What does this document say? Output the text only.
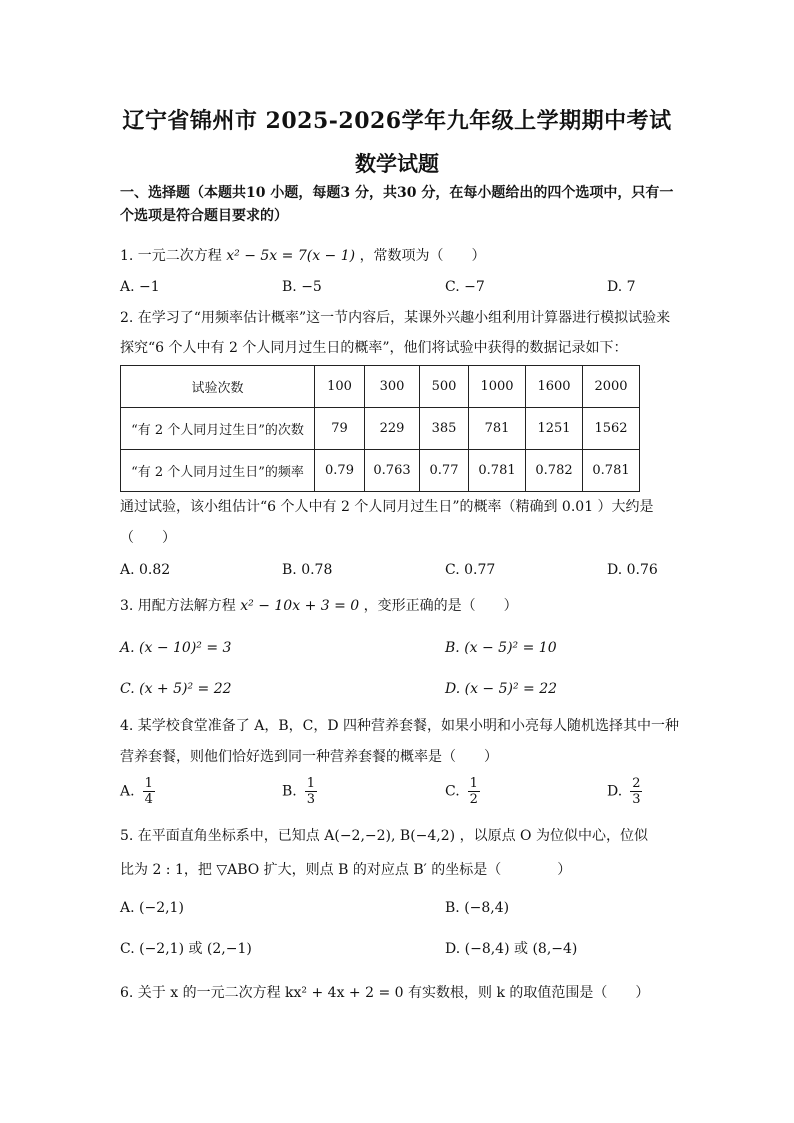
辽宁省锦州市 2025-2026学年九年级上学期期中考试
数学试题
一、选择题（本题共10 小题，每题3 分，共30 分，在每小题给出的四个选项中，只有一
个选项是符合题目要求的）
1. 一元二次方程 x² − 5x = 7(x − 1) ，常数项为（　　）
A. −1	B. −5	C. −7	D. 7
2. 在学习了“用频率估计概率”这一节内容后，某课外兴趣小组利用计算器进行模拟试验来
探究“6 个人中有 2 个人同月过生日的概率”，他们将试验中获得的数据记录如下：
试验次数	100	300	500	1000	1600	2000
“有 2 个人同月过生日”的次数	79	229	385	781	1251	1562
“有 2 个人同月过生日”的频率	0.79	0.763	0.77	0.781	0.782	0.781
通过试验，该小组估计“6 个人中有 2 个人同月过生日”的概率（精确到 0.01 ）大约是
（　　）
A. 0.82	B. 0.78	C. 0.77	D. 0.76
3. 用配方法解方程 x² − 10x + 3 = 0 ，变形正确的是（　　）
A. (x − 10)² = 3	B. (x − 5)² = 10
C. (x + 5)² = 22	D. (x − 5)² = 22
4. 某学校食堂准备了 A，B，C，D 四种营养套餐，如果小明和小亮每人随机选择其中一种
营养套餐，则他们恰好选到同一种营养套餐的概率是（　　）
A. $\frac{1}{4}$	B. $\frac{1}{3}$	C. $\frac{1}{2}$	D. $\frac{2}{3}$
5. 在平面直角坐标系中，已知点 A(−2,−2), B(−4,2) ，以原点 O 为位似中心，位似
比为 2 : 1，把 ▽ABO 扩大，则点 B 的对应点 B′ 的坐标是（　　　　）
A. (−2,1)	B. (−8,4)
C. (−2,1) 或 (2,−1)	D. (−8,4) 或 (8,−4)
6. 关于 x 的一元二次方程 kx² + 4x + 2 = 0 有实数根，则 k 的取值范围是（　　）
